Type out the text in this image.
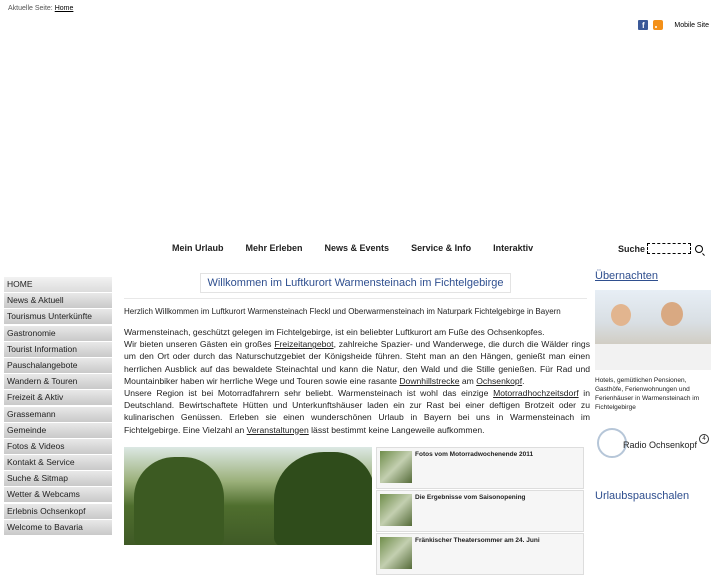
Aktuelle Seite: Home
f	Mobile Site
Mein Urlaub Mehr Erleben News & Events Service & Info Interaktiv	Suche
HOME
News & Aktuell
Tourismus Unterkünfte
Gastronomie
Tourist Information
Pauschalangebote
Wandern & Touren
Freizeit & Aktiv
Grassemann
Gemeinde
Fotos & Videos
Kontakt & Service
Suche & Sitmap
Wetter & Webcams
Erlebnis Ochsenkopf
Welcome to Bavaria
Willkommen im Luftkurort Warmensteinach im Fichtelgebirge
Herzlich Willkommen im Luftkurort Warmensteinach Fleckl und Oberwarmensteinach im Naturpark Fichtelgebirge in Bayern
Warmensteinach, geschützt gelegen im Fichtelgebirge, ist ein beliebter Luftkurort am Fuße des Ochsenkopfes.
Wir bieten unseren Gästen ein großes Freizeitangebot, zahlreiche Spazier- und Wanderwege, die durch die Wälder rings um den Ort oder durch das Naturschutzgebiet der Königsheide führen. Steht man an den Hängen, genießt man einen herrlichen Ausblick auf das bewaldete Steinachtal und kann die Natur, den Wald und die Stille genießen. Für Rad und Mountainbiker haben wir herrliche Wege und Touren sowie eine rasante Downhillstrecke am Ochsenkopf.
Unsere Region ist bei Motorradfahrern sehr beliebt. Warmensteinach ist wohl das einzige Motorradhochzeitsdorf in Deutschland. Bewirtschaftete Hütten und Unterkunftshäuser laden ein zur Rast bei einer deftigen Brotzeit oder zu kulinarischen Genüssen. Erleben sie einen wunderschönen Urlaub in Bayern bei uns in Warmensteinach im Fichtelgebirge. Eine Vielzahl an Veranstaltungen lässt bestimmt keine Langeweile aufkommen.
Fotos vom Motorradwochenende 2011
Die Ergebnisse vom Saisonopening
Fränkischer Theatersommer am 24. Juni
Übernachten
Hotels, gemütlichen Pensionen, Gasthöfe, Ferienwohnungen und Ferienhäuser in Warmensteinach im Fichtelgebirge
Radio Ochsenkopf
4
Urlaubspauschalen
